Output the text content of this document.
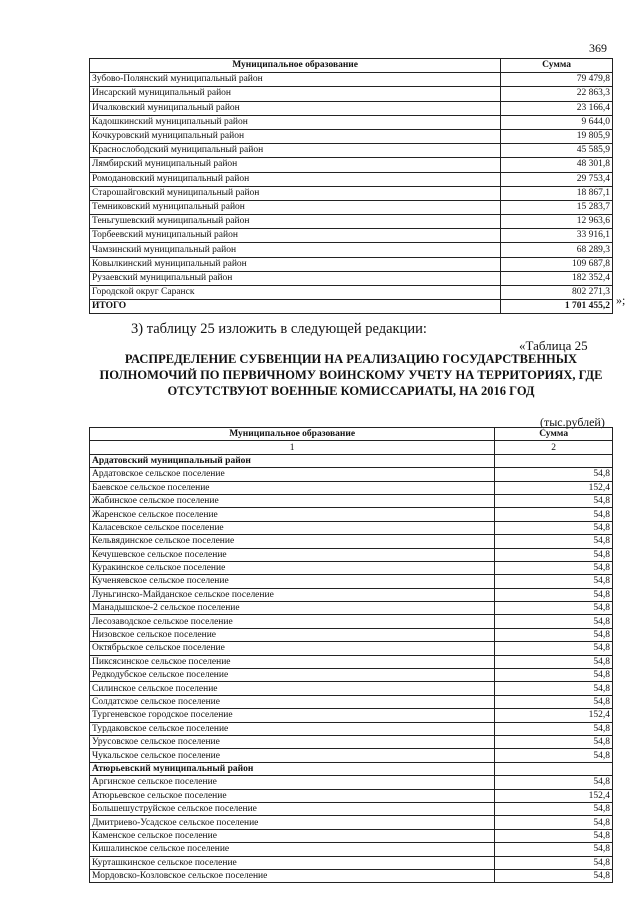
369
Муниципальное образование	Сумма
Зубово-Полянский муниципальный район	79 479,8
Инсарский муниципальный район	22 863,3
Ичалковский муниципальный район	23 166,4
Кадошкинский муниципальный район	9 644,0
Кочкуровский муниципальный район	19 805,9
Краснослободский муниципальный район	45 585,9
Лямбирский муниципальный район	48 301,8
Ромодановский муниципальный район	29 753,4
Старошайговский муниципальный район	18 867,1
Темниковский муниципальный район	15 283,7
Теньгушевский муниципальный район	12 963,6
Торбеевский муниципальный район	33 916,1
Чамзинский муниципальный район	68 289,3
Ковылкинский муниципальный район	109 687,8
Рузаевский муниципальный район	182 352,4
Городской округ Саранск	802 271,3
ИТОГО	1 701 455,2 »;
3) таблицу 25 изложить в следующей редакции:
«Таблица 25
РАСПРЕДЕЛЕНИЕ СУБВЕНЦИИ НА РЕАЛИЗАЦИЮ ГОСУДАРСТВЕННЫХ ПОЛНОМОЧИЙ ПО ПЕРВИЧНОМУ ВОИНСКОМУ УЧЕТУ НА ТЕРРИТОРИЯХ, ГДЕ ОТСУТСТВУЮТ ВОЕННЫЕ КОМИССАРИАТЫ, НА 2016 ГОД
(тыс.рублей)
Муниципальное образование	Сумма
1	2
Ардатовский муниципальный район	
Ардатовское сельское поселение	54,8
Баевское сельское поселение	152,4
Жабинское сельское поселение	54,8
Жаренское сельское поселение	54,8
Каласевское сельское поселение	54,8
Кельвядинское сельское поселение	54,8
Кечушевское сельское поселение	54,8
Куракинское сельское поселение	54,8
Кученяевское сельское поселение	54,8
Луньгинско-Майданское сельское поселение	54,8
Манадышское-2 сельское поселение	54,8
Лесозаводское сельское поселение	54,8
Низовское сельское поселение	54,8
Октябрьское сельское поселение	54,8
Пиксясинское сельское поселение	54,8
Редкодубское сельское поселение	54,8
Силинское сельское поселение	54,8
Солдатское сельское поселение	54,8
Тургеневское городское поселение	152,4
Турдаковское сельское поселение	54,8
Урусовское сельское поселение	54,8
Чукальское сельское поселение	54,8
Атюрьевский муниципальный район	
Аргинское сельское поселение	54,8
Атюрьевское сельское поселение	152,4
Большешуструйское сельское поселение	54,8
Дмитриево-Усадское сельское поселение	54,8
Каменское сельское поселение	54,8
Кишалинское сельское поселение	54,8
Курташкинское сельское поселение	54,8
Мордовско-Козловское сельское поселение	54,8
